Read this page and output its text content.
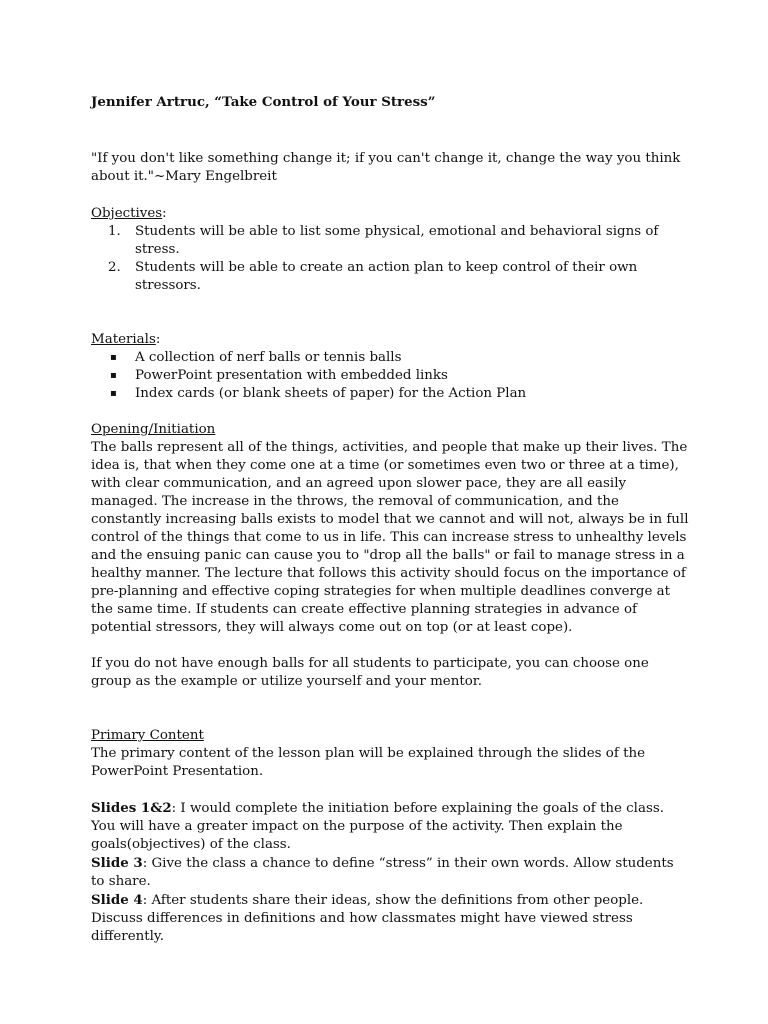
Jennifer Artruc, “Take Control of Your Stress”

"If you don't like something change it; if you can't change it, change the way you think about it."~Mary Engelbreit

Objectives:

1. Students will be able to list some physical, emotional and behavioral signs of stress.
2. Students will be able to create an action plan to keep control of their own stressors.

Materials:

▪ A collection of nerf balls or tennis balls
▪ PowerPoint presentation with embedded links
▪ Index cards (or blank sheets of paper) for the Action Plan

Opening/Initiation

The balls represent all of the things, activities, and people that make up their lives. The idea is, that when they come one at a time (or sometimes even two or three at a time), with clear communication, and an agreed upon slower pace, they are all easily managed. The increase in the throws, the removal of communication, and the constantly increasing balls exists to model that we cannot and will not, always be in full control of the things that come to us in life. This can increase stress to unhealthy levels and the ensuing panic can cause you to "drop all the balls" or fail to manage stress in a healthy manner. The lecture that follows this activity should focus on the importance of pre-planning and effective coping strategies for when multiple deadlines converge at the same time. If students can create effective planning strategies in advance of potential stressors, they will always come out on top (or at least cope).

If you do not have enough balls for all students to participate, you can choose one group as the example or utilize yourself and your mentor.

Primary Content

The primary content of the lesson plan will be explained through the slides of the PowerPoint Presentation.

Slides 1&2: I would complete the initiation before explaining the goals of the class. You will have a greater impact on the purpose of the activity. Then explain the goals(objectives) of the class.

Slide 3: Give the class a chance to define “stress” in their own words. Allow students to share.

Slide 4: After students share their ideas, show the definitions from other people. Discuss differences in definitions and how classmates might have viewed stress differently.
